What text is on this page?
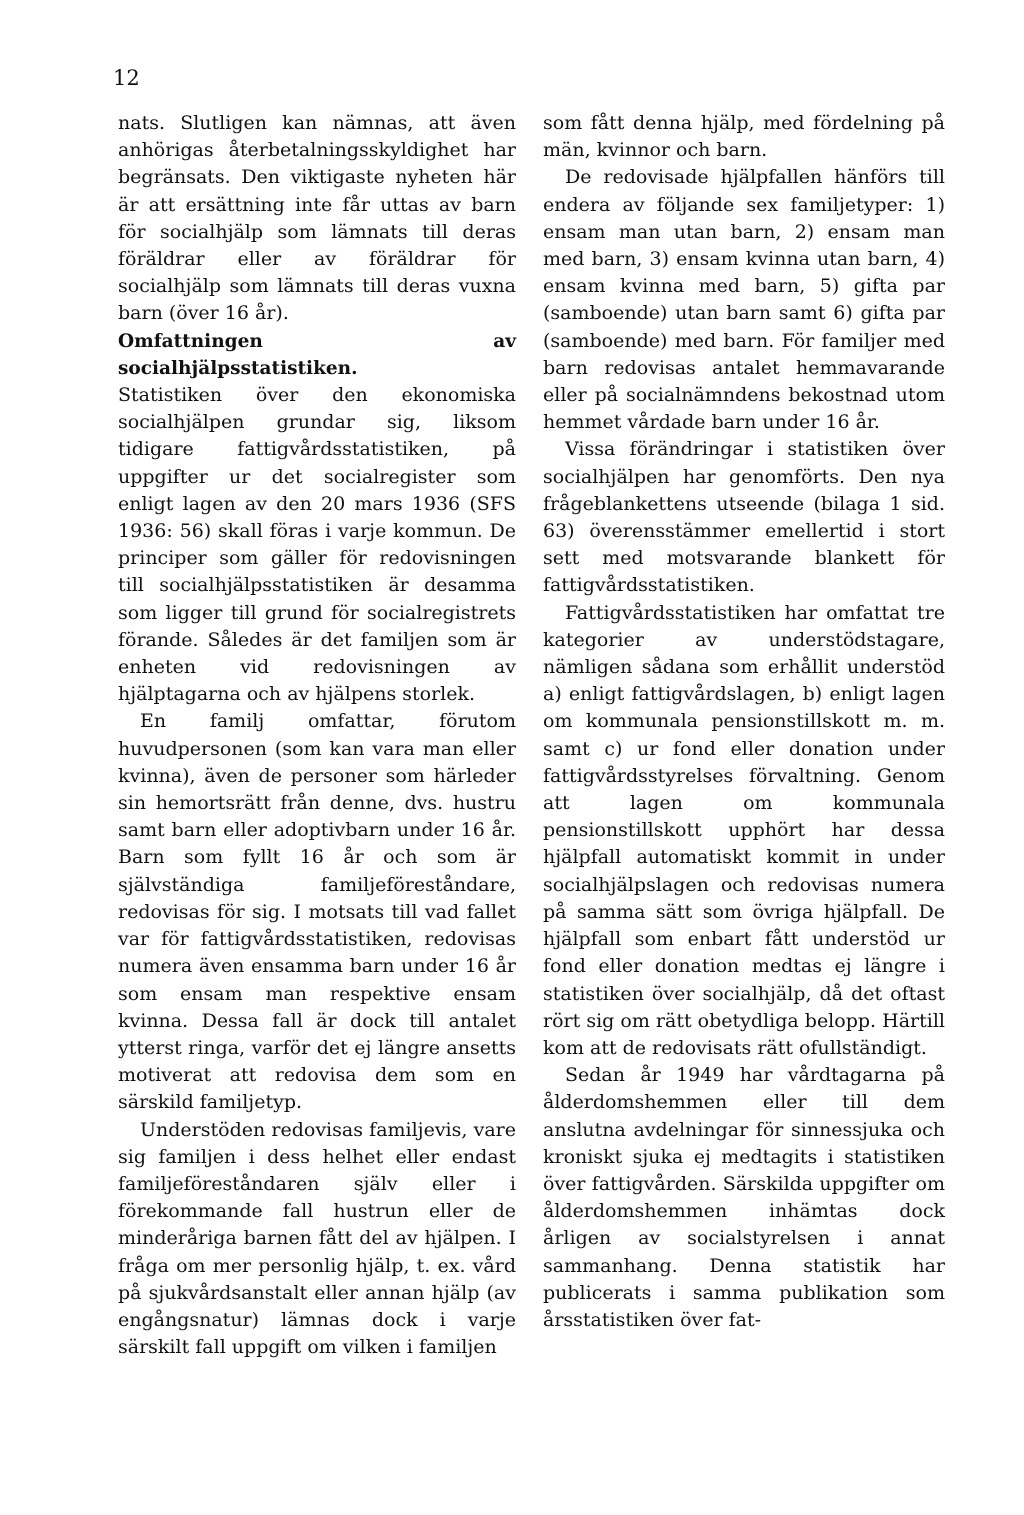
12

nats. Slutligen kan nämnas, att även anhörigas återbetalningsskyldighet har begränsats. Den viktigaste nyheten här är att ersättning inte får uttas av barn för socialhjälp som lämnats till deras föräldrar eller av föräldrar för socialhjälp som lämnats till deras vuxna barn (över 16 år).

Omfattningen av socialhjälpsstatistiken.

Statistiken över den ekonomiska socialhjälpen grundar sig, liksom tidigare fattigvårdsstatistiken, på uppgifter ur det socialregister som enligt lagen av den 20 mars 1936 (SFS 1936: 56) skall föras i varje kommun. De principer som gäller för redovisningen till socialhjälpsstatistiken är desamma som ligger till grund för socialregistrets förande. Således är det familjen som är enheten vid redovisningen av hjälptagarna och av hjälpens storlek.

En familj omfattar, förutom huvudpersonen (som kan vara man eller kvinna), även de personer som härleder sin hemortsrätt från denne, dvs. hustru samt barn eller adoptivbarn under 16 år. Barn som fyllt 16 år och som är självständiga familjeföreståndare, redovisas för sig. I motsats till vad fallet var för fattigvårdsstatistiken, redovisas numera även ensamma barn under 16 år som ensam man respektive ensam kvinna. Dessa fall är dock till antalet ytterst ringa, varför det ej längre ansetts motiverat att redovisa dem som en särskild familjetyp.

Understöden redovisas familjevis, vare sig familjen i dess helhet eller endast familjeföreståndaren själv eller i förekommande fall hustrun eller de minderåriga barnen fått del av hjälpen. I fråga om mer personlig hjälp, t. ex. vård på sjukvårdsanstalt eller annan hjälp (av engångsnatur) lämnas dock i varje särskilt fall uppgift om vilken i familjen

som fått denna hjälp, med fördelning på män, kvinnor och barn.

De redovisade hjälpfallen hänförs till endera av följande sex familjetyper: 1) ensam man utan barn, 2) ensam man med barn, 3) ensam kvinna utan barn, 4) ensam kvinna med barn, 5) gifta par (samboende) utan barn samt 6) gifta par (samboende) med barn. För familjer med barn redovisas antalet hemmavarande eller på socialnämndens bekostnad utom hemmet vårdade barn under 16 år.

Vissa förändringar i statistiken över socialhjälpen har genomförts. Den nya frågeblankettens utseende (bilaga 1 sid. 63) överensstämmer emellertid i stort sett med motsvarande blankett för fattigvårdsstatistiken.

Fattigvårdsstatistiken har omfattat tre kategorier av understödstagare, nämligen sådana som erhållit understöd a) enligt fattigvårdslagen, b) enligt lagen om kommunala pensionstillskott m. m. samt c) ur fond eller donation under fattigvårdsstyrelses förvaltning. Genom att lagen om kommunala pensionstillskott upphört har dessa hjälpfall automatiskt kommit in under socialhjälpslagen och redovisas numera på samma sätt som övriga hjälpfall. De hjälpfall som enbart fått understöd ur fond eller donation medtas ej längre i statistiken över socialhjälp, då det oftast rört sig om rätt obetydliga belopp. Härtill kom att de redovisats rätt ofullständigt.

Sedan år 1949 har vårdtagarna på ålderdomshemmen eller till dem anslutna avdelningar för sinnessjuka och kroniskt sjuka ej medtagits i statistiken över fattigvården. Särskilda uppgifter om ålderdomshemmen inhämtas dock årligen av socialstyrelsen i annat sammanhang. Denna statistik har publicerats i samma publikation som årsstatistiken över fat-
